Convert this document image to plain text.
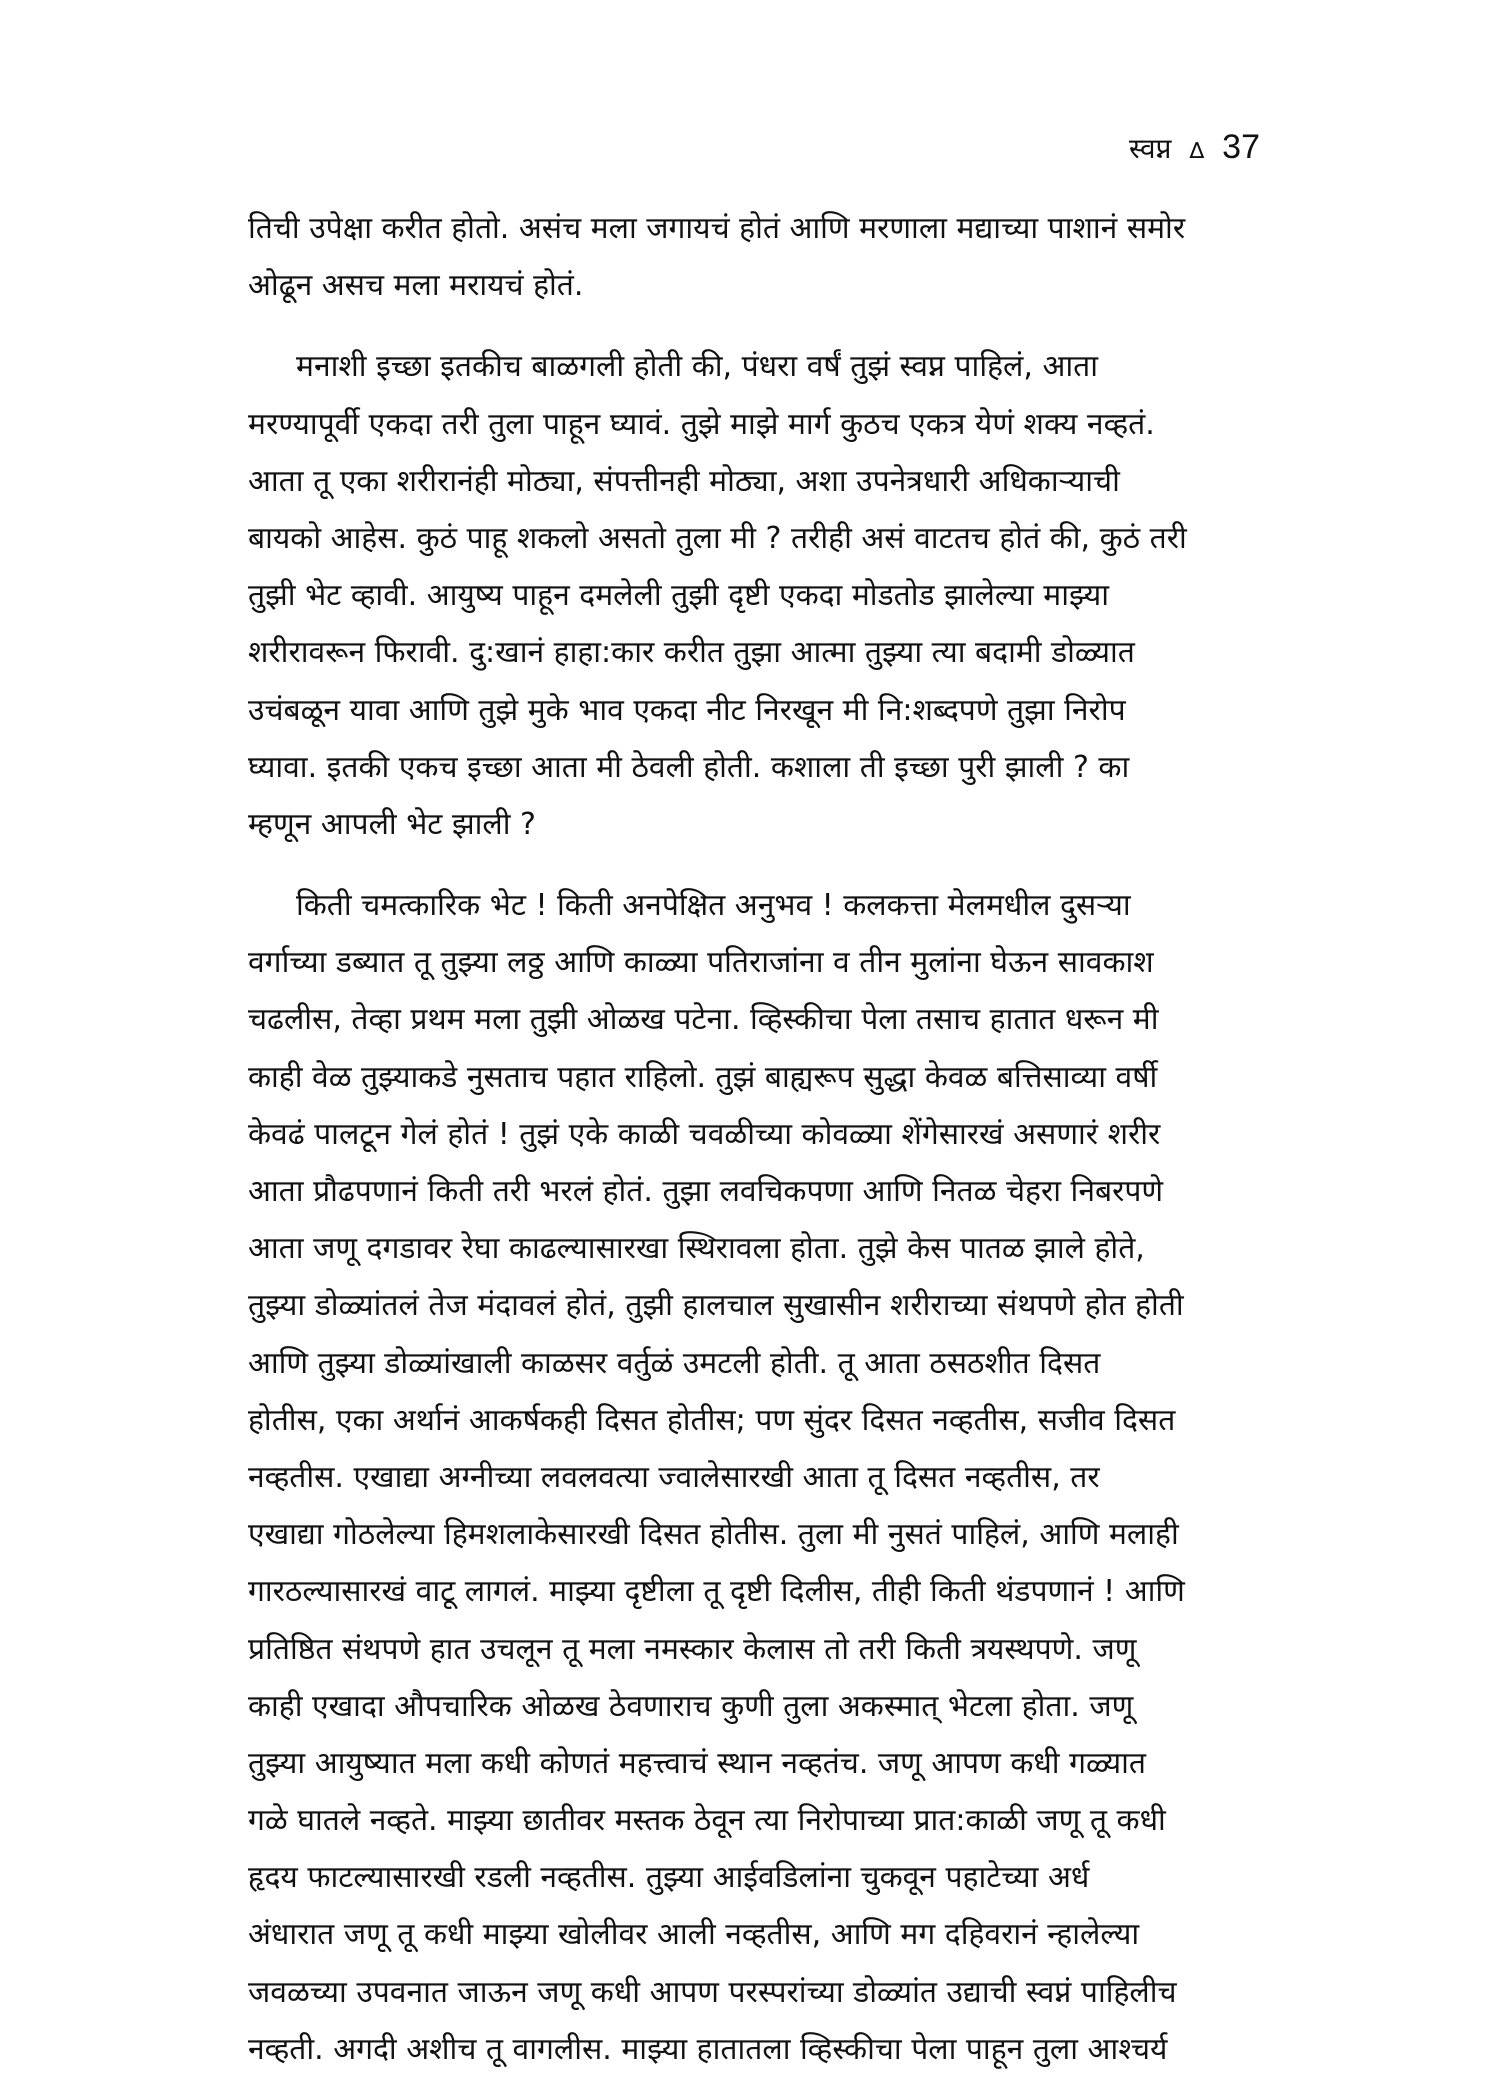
स्वप्न ∆ 37
तिची उपेक्षा करीत होतो. असंच मला जगायचं होतं आणि मरणाला मद्याच्या पाशानं समोर
ओढून असच मला मरायचं होतं.
मनाशी इच्छा इतकीच बाळगली होती की, पंधरा वर्षं तुझं स्वप्न पाहिलं, आता
मरण्यापूर्वी एकदा तरी तुला पाहून घ्यावं. तुझे माझे मार्ग कुठच एकत्र येणं शक्य नव्हतं.
आता तू एका शरीरानंही मोठ्या, संपत्तीनही मोठ्या, अशा उपनेत्रधारी अधिकाऱ्याची
बायको आहेस. कुठं पाहू शकलो असतो तुला मी ? तरीही असं वाटतच होतं की, कुठं तरी
तुझी भेट व्हावी. आयुष्य पाहून दमलेली तुझी दृष्टी एकदा मोडतोड झालेल्या माझ्या
शरीरावरून फिरावी. दु:खानं हाहा:कार करीत तुझा आत्मा तुझ्या त्या बदामी डोळ्यात
उचंबळून यावा आणि तुझे मुके भाव एकदा नीट निरखून मी नि:शब्दपणे तुझा निरोप
घ्यावा. इतकी एकच इच्छा आता मी ठेवली होती. कशाला ती इच्छा पुरी झाली ? का
म्हणून आपली भेट झाली ?
किती चमत्कारिक भेट ! किती अनपेक्षित अनुभव ! कलकत्ता मेलमधील दुसऱ्या
वर्गाच्या डब्यात तू तुझ्या लठ्ठ आणि काळ्या पतिराजांना व तीन मुलांना घेऊन सावकाश
चढलीस, तेव्हा प्रथम मला तुझी ओळख पटेना. व्हिस्कीचा पेला तसाच हातात धरून मी
काही वेळ तुझ्याकडे नुसताच पहात राहिलो. तुझं बाह्यरूप सुद्धा केवळ बत्तिसाव्या वर्षी
केवढं पालटून गेलं होतं ! तुझं एके काळी चवळीच्या कोवळ्या शेंगेसारखं असणारं शरीर
आता प्रौढपणानं किती तरी भरलं होतं. तुझा लवचिकपणा आणि नितळ चेहरा निबरपणे
आता जणू दगडावर रेघा काढल्यासारखा स्थिरावला होता. तुझे केस पातळ झाले होते,
तुझ्या डोळ्यांतलं तेज मंदावलं होतं, तुझी हालचाल सुखासीन शरीराच्या संथपणे होत होती
आणि तुझ्या डोळ्यांखाली काळसर वर्तुळं उमटली होती. तू आता ठसठशीत दिसत
होतीस, एका अर्थानं आकर्षकही दिसत होतीस; पण सुंदर दिसत नव्हतीस, सजीव दिसत
नव्हतीस. एखाद्या अग्नीच्या लवलवत्या ज्वालेसारखी आता तू दिसत नव्हतीस, तर
एखाद्या गोठलेल्या हिमशलाकेसारखी दिसत होतीस. तुला मी नुसतं पाहिलं, आणि मलाही
गारठल्यासारखं वाटू लागलं. माझ्या दृष्टीला तू दृष्टी दिलीस, तीही किती थंडपणानं ! आणि
प्रतिष्ठित संथपणे हात उचलून तू मला नमस्कार केलास तो तरी किती त्रयस्थपणे. जणू
काही एखादा औपचारिक ओळख ठेवणाराच कुणी तुला अकस्मात् भेटला होता. जणू
तुझ्या आयुष्यात मला कधी कोणतं महत्त्वाचं स्थान नव्हतंच. जणू आपण कधी गळ्यात
गळे घातले नव्हते. माझ्या छातीवर मस्तक ठेवून त्या निरोपाच्या प्रात:काळी जणू तू कधी
हृदय फाटल्यासारखी रडली नव्हतीस. तुझ्या आईवडिलांना चुकवून पहाटेच्या अर्ध
अंधारात जणू तू कधी माझ्या खोलीवर आली नव्हतीस, आणि मग दहिवरानं न्हालेल्या
जवळच्या उपवनात जाऊन जणू कधी आपण परस्परांच्या डोळ्यांत उद्याची स्वप्नं पाहिलीच
नव्हती. अगदी अशीच तू वागलीस. माझ्या हातातला व्हिस्कीचा पेला पाहून तुला आश्चर्य
